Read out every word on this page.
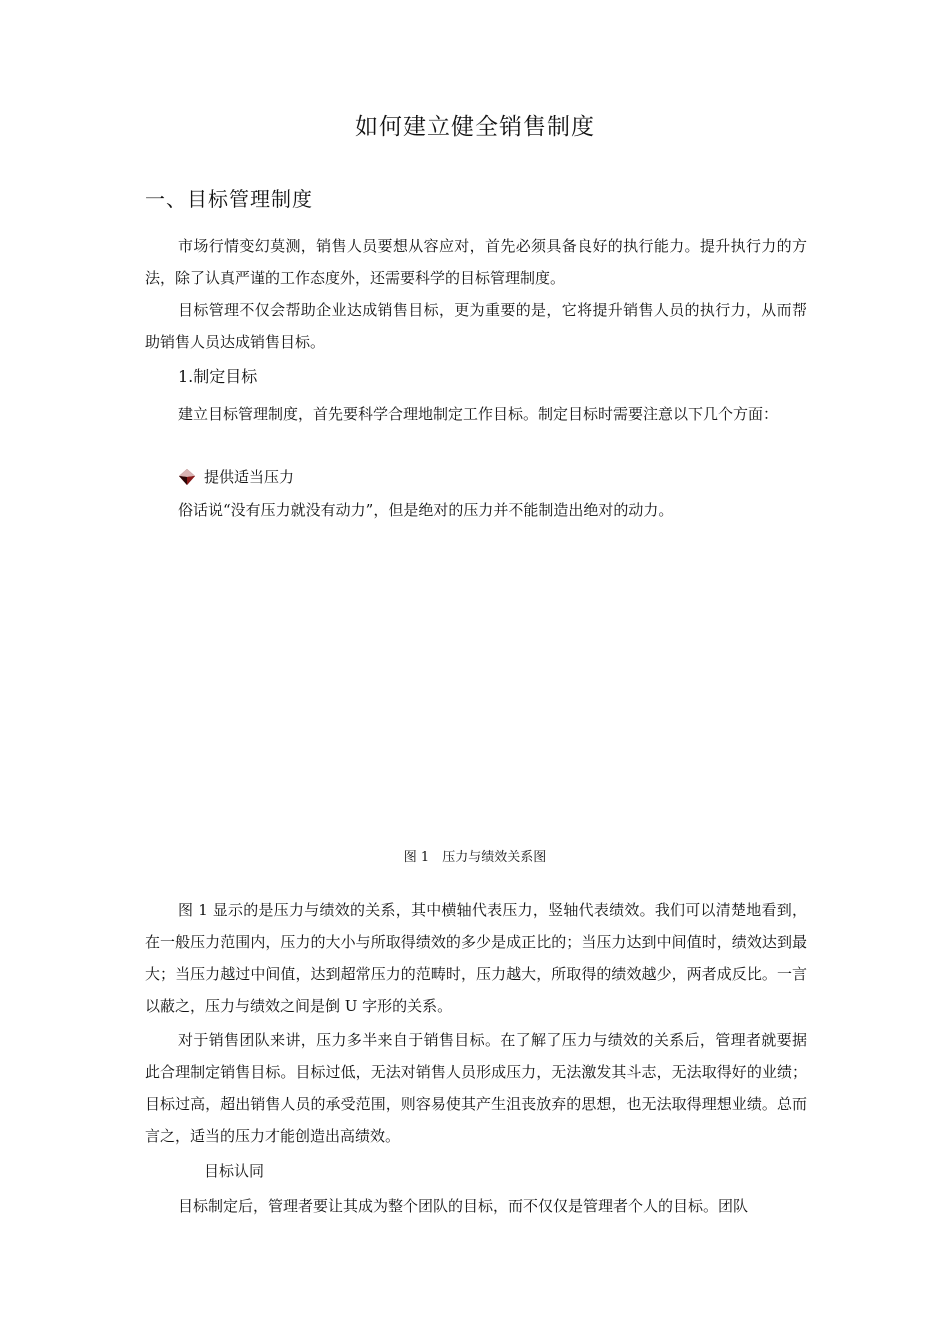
如何建立健全销售制度
一、目标管理制度

市场行情变幻莫测，销售人员要想从容应对，首先必须具备良好的执行能力。提升执行力的方法，除了认真严谨的工作态度外，还需要科学的目标管理制度。

目标管理不仅会帮助企业达成销售目标，更为重要的是，它将提升销售人员的执行力，从而帮助销售人员达成销售目标。

1.制定目标

建立目标管理制度，首先要科学合理地制定工作目标。制定目标时需要注意以下几个方面：

提供适当压力

俗话说“没有压力就没有动力”，但是绝对的压力并不能制造出绝对的动力。

图 1　压力与绩效关系图

图 1 显示的是压力与绩效的关系，其中横轴代表压力，竖轴代表绩效。我们可以清楚地看到，在一般压力范围内，压力的大小与所取得绩效的多少是成正比的；当压力达到中间值时，绩效达到最大；当压力越过中间值，达到超常压力的范畴时，压力越大，所取得的绩效越少，两者成反比。一言以蔽之，压力与绩效之间是倒 U 字形的关系。

对于销售团队来讲，压力多半来自于销售目标。在了解了压力与绩效的关系后，管理者就要据此合理制定销售目标。目标过低，无法对销售人员形成压力，无法激发其斗志，无法取得好的业绩；目标过高，超出销售人员的承受范围，则容易使其产生沮丧放弃的思想，也无法取得理想业绩。总而言之，适当的压力才能创造出高绩效。

目标认同

目标制定后，管理者要让其成为整个团队的目标，而不仅仅是管理者个人的目标。团队
